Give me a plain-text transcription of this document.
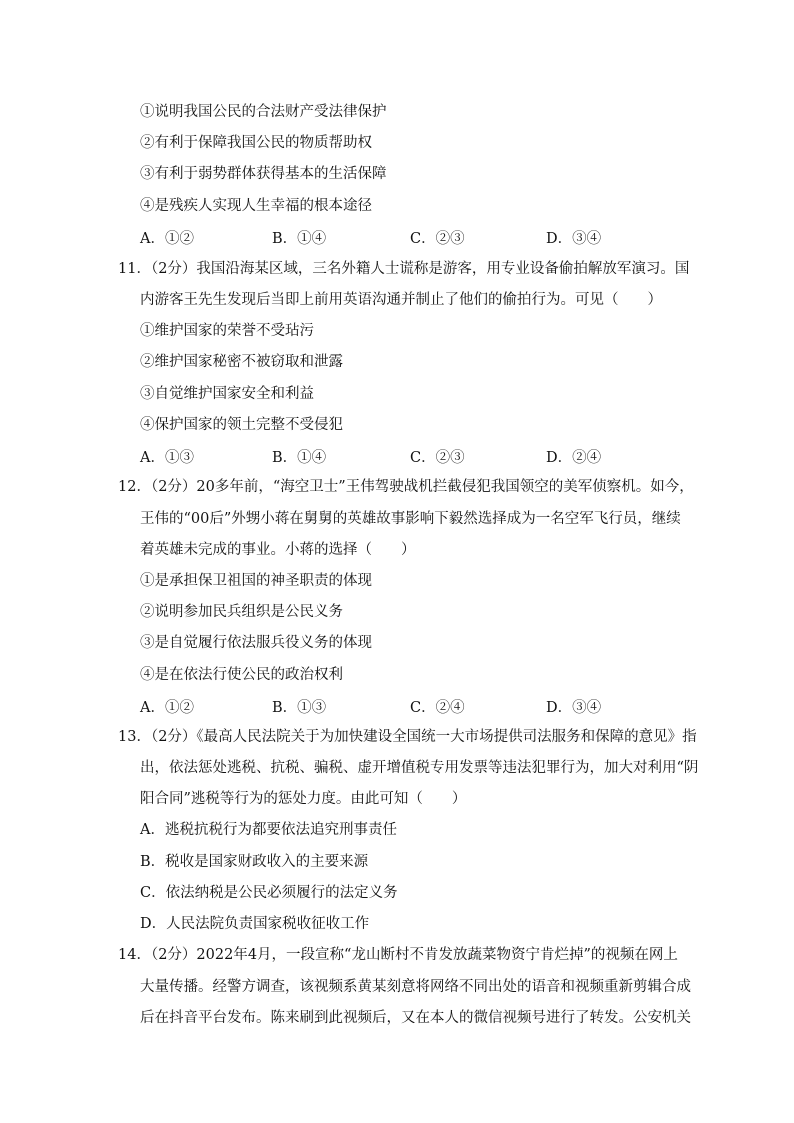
①说明我国公民的合法财产受法律保护
②有利于保障我国公民的物质帮助权
③有利于弱势群体获得基本的生活保障
④是残疾人实现人生幸福的根本途径
A．①②	B．①④	C．②③	D．③④
11．（2分）我国沿海某区域，三名外籍人士谎称是游客，用专业设备偷拍解放军演习。国
内游客王先生发现后当即上前用英语沟通并制止了他们的偷拍行为。可见（　　）
①维护国家的荣誉不受玷污
②维护国家秘密不被窃取和泄露
③自觉维护国家安全和利益
④保护国家的领土完整不受侵犯
A．①③	B．①④	C．②③	D．②④
12．（2分）20多年前，“海空卫士”王伟驾驶战机拦截侵犯我国领空的美军侦察机。如今，
王伟的“00后”外甥小蒋在舅舅的英雄故事影响下毅然选择成为一名空军飞行员，继续
着英雄未完成的事业。小蒋的选择（　　）
①是承担保卫祖国的神圣职责的体现
②说明参加民兵组织是公民义务
③是自觉履行依法服兵役义务的体现
④是在依法行使公民的政治权利
A．①②	B．①③	C．②④	D．③④
13．（2分）《最高人民法院关于为加快建设全国统一大市场提供司法服务和保障的意见》指
出，依法惩处逃税、抗税、骗税、虚开增值税专用发票等违法犯罪行为，加大对利用“阴
阳合同”逃税等行为的惩处力度。由此可知（　　）
A．逃税抗税行为都要依法追究刑事责任
B．税收是国家财政收入的主要来源
C．依法纳税是公民必须履行的法定义务
D．人民法院负责国家税收征收工作
14．（2分）2022年4月，一段宣称“龙山断村不肯发放蔬菜物资宁肯烂掉”的视频在网上
大量传播。经警方调查，该视频系黄某刻意将网络不同出处的语音和视频重新剪辑合成
后在抖音平台发布。陈来刷到此视频后，又在本人的微信视频号进行了转发。公安机关
